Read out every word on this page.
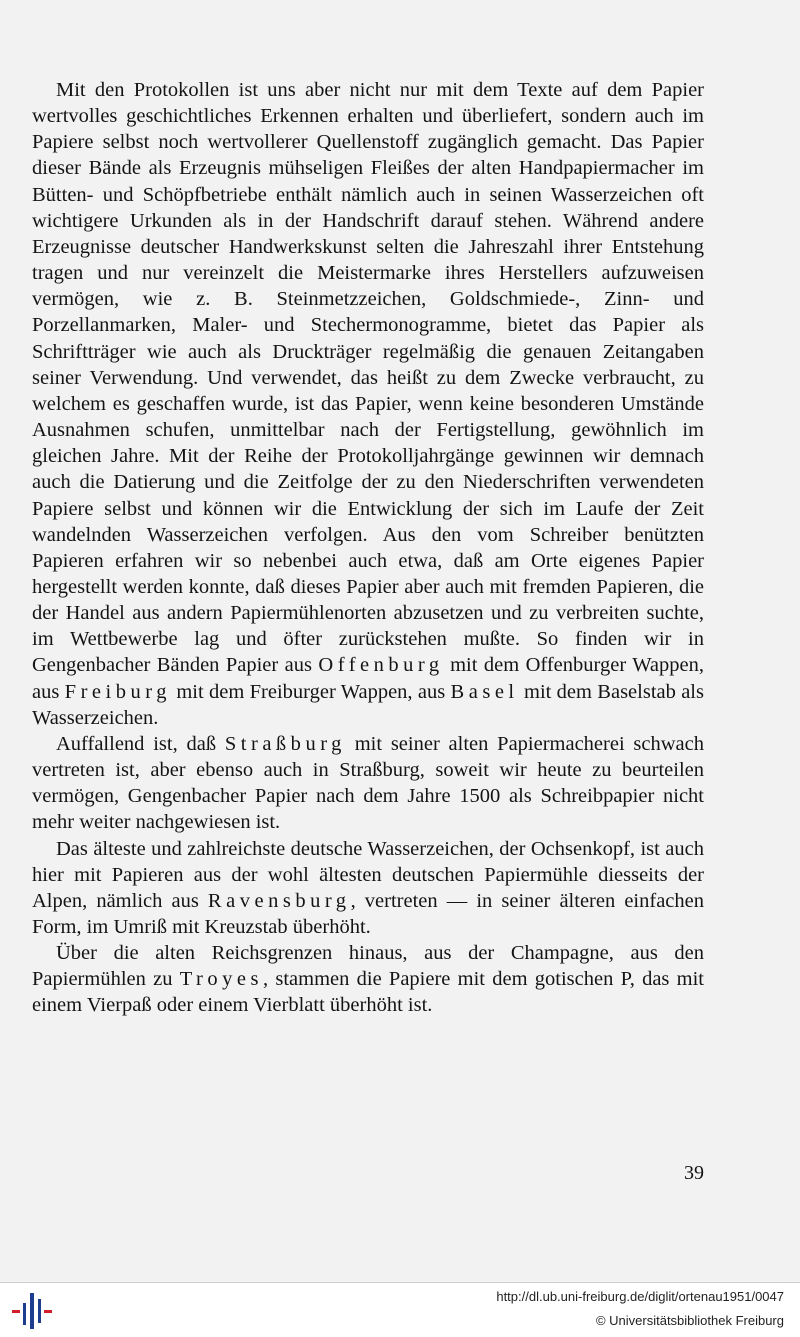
Mit den Protokollen ist uns aber nicht nur mit dem Texte auf dem Papier wertvolles geschichtliches Erkennen erhalten und überliefert, sondern auch im Papiere selbst noch wertvollerer Quellenstoff zugänglich gemacht. Das Papier dieser Bände als Erzeugnis mühseligen Fleißes der alten Handpapiermacher im Bütten- und Schöpfbetriebe enthält nämlich auch in seinen Wasserzeichen oft wichtigere Urkunden als in der Handschrift darauf stehen. Während andere Erzeugnisse deutscher Handwerkskunst selten die Jahreszahl ihrer Entstehung tragen und nur vereinzelt die Meistermarke ihres Herstellers aufzuweisen vermögen, wie z. B. Steinmetzzeichen, Goldschmiede-, Zinn- und Porzellanmarken, Maler- und Stechermonogramme, bietet das Papier als Schriftträger wie auch als Druckträger regelmäßig die genauen Zeitangaben seiner Verwendung. Und verwendet, das heißt zu dem Zwecke verbraucht, zu welchem es geschaffen wurde, ist das Papier, wenn keine besonderen Umstände Ausnahmen schufen, unmittelbar nach der Fertigstellung, gewöhnlich im gleichen Jahre. Mit der Reihe der Protokolljahrgänge gewinnen wir demnach auch die Datierung und die Zeitfolge der zu den Niederschriften verwendeten Papiere selbst und können wir die Entwicklung der sich im Laufe der Zeit wandelnden Wasserzeichen verfolgen. Aus den vom Schreiber benützten Papieren erfahren wir so nebenbei auch etwa, daß am Orte eigenes Papier hergestellt werden konnte, daß dieses Papier aber auch mit fremden Papieren, die der Handel aus andern Papiermühlenorten abzusetzen und zu verbreiten suchte, im Wettbewerbe lag und öfter zurückstehen mußte. So finden wir in Gengenbacher Bänden Papier aus Offenburg mit dem Offenburger Wappen, aus Freiburg mit dem Freiburger Wappen, aus Basel mit dem Baselstab als Wasserzeichen.

Auffallend ist, daß Straßburg mit seiner alten Papiermacherei schwach vertreten ist, aber ebenso auch in Straßburg, soweit wir heute zu beurteilen vermögen, Gengenbacher Papier nach dem Jahre 1500 als Schreibpapier nicht mehr weiter nachgewiesen ist.

Das älteste und zahlreichste deutsche Wasserzeichen, der Ochsenkopf, ist auch hier mit Papieren aus der wohl ältesten deutschen Papiermühle diesseits der Alpen, nämlich aus Ravensburg, vertreten — in seiner älteren einfachen Form, im Umriß mit Kreuzstab überhöht.

Über die alten Reichsgrenzen hinaus, aus der Champagne, aus den Papiermühlen zu Troyes, stammen die Papiere mit dem gotischen P, das mit einem Vierpaß oder einem Vierblatt überhöht ist.

39
http://dl.ub.uni-freiburg.de/diglit/ortenau1951/0047
© Universitätsbibliothek Freiburg
